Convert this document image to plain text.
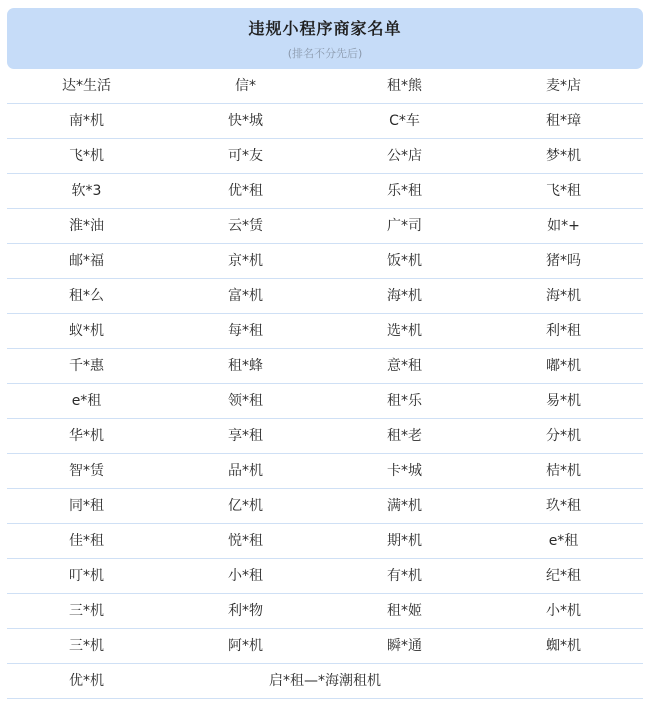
违规小程序商家名单
(排名不分先后)
达*生活	信*	租*熊	麦*店
南*机	快*城	C*车	租*璋
飞*机	可*友	公*店	梦*机
软*3	优*租	乐*租	飞*租
淮*油	云*赁	广*司	如*+
邮*福	京*机	饭*机	猪*吗
租*么	富*机	海*机	海*机
蚁*机	每*租	选*机	利*租
千*惠	租*蜂	意*租	嘟*机
e*租	领*租	租*乐	易*机
华*机	享*租	租*老	分*机
智*赁	品*机	卡*城	桔*机
同*租	亿*机	满*机	玖*租
佳*租	悦*租	期*机	e*租
叮*机	小*租	有*机	纪*租
三*机	利*物	租*姬	小*机
三*机	阿*机	瞬*通	蜘*机
优*机	启*租—*海潮租机
